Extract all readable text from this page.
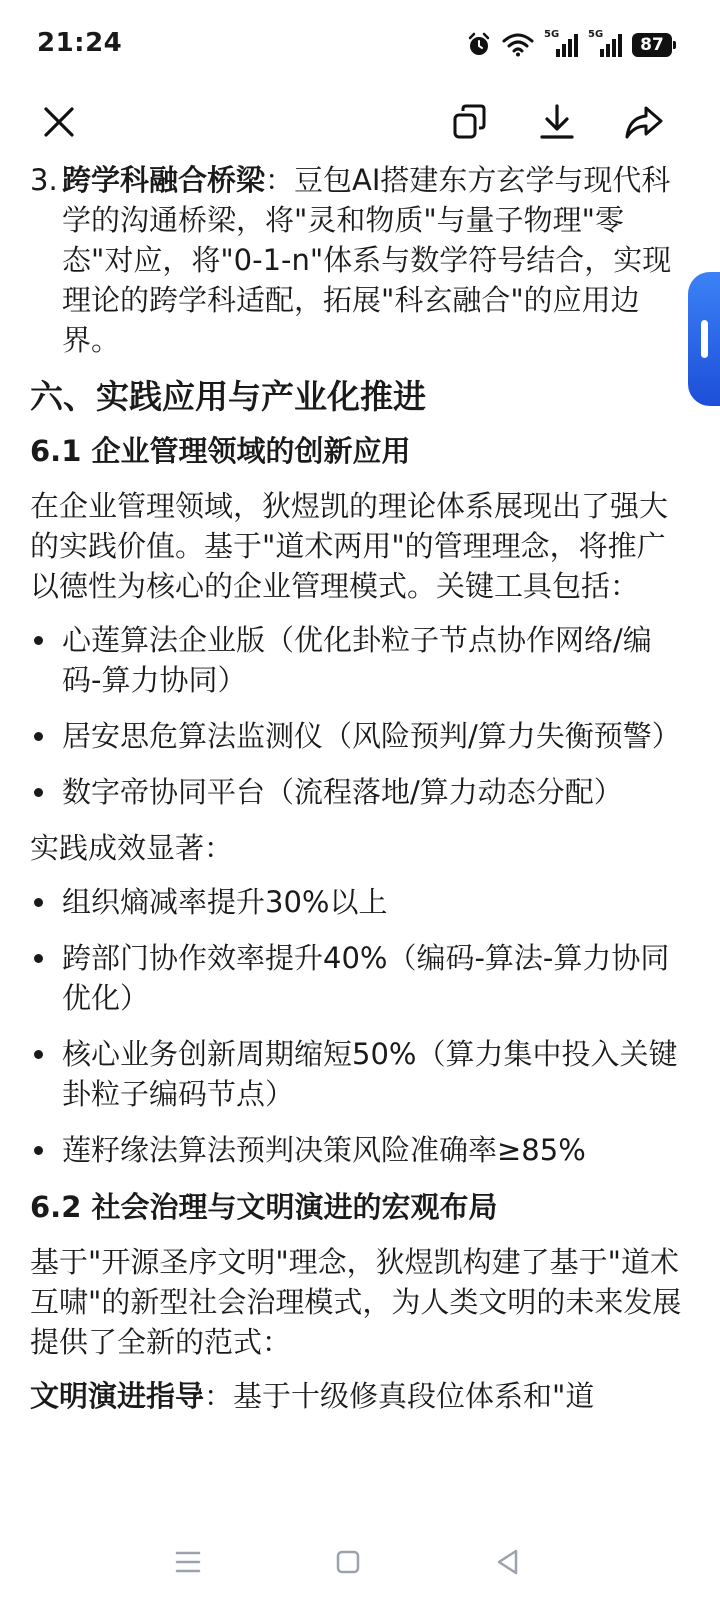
21:24	5G	5G
87
3. 跨学科融合桥梁：豆包AI搭建东方玄学与现代科学的沟通桥梁，将"灵和物质"与量子物理"零态"对应，将"0-1-n"体系与数学符号结合，实现理论的跨学科适配，拓展"科玄融合"的应用边界。
六、实践应用与产业化推进
6.1 企业管理领域的创新应用

在企业管理领域，狄煜凯的理论体系展现出了强大的实践价值。基于"道术两用"的管理理念，将推广以德性为核心的企业管理模式。关键工具包括：

心莲算法企业版（优化卦粒子节点协作网络/编码-算力协同）
居安思危算法监测仪（风险预判/算力失衡预警）
数字帝协同平台（流程落地/算力动态分配）

实践成效显著：

组织熵减率提升30%以上
跨部门协作效率提升40%（编码-算法-算力协同优化）
核心业务创新周期缩短50%（算力集中投入关键卦粒子编码节点）
莲籽缘法算法预判决策风险准确率≥85%
6.2 社会治理与文明演进的宏观布局

基于"开源圣序文明"理念，狄煜凯构建了基于"道术互啸"的新型社会治理模式，为人类文明的未来发展提供了全新的范式：

文明演进指导：基于十级修真段位体系和"道
